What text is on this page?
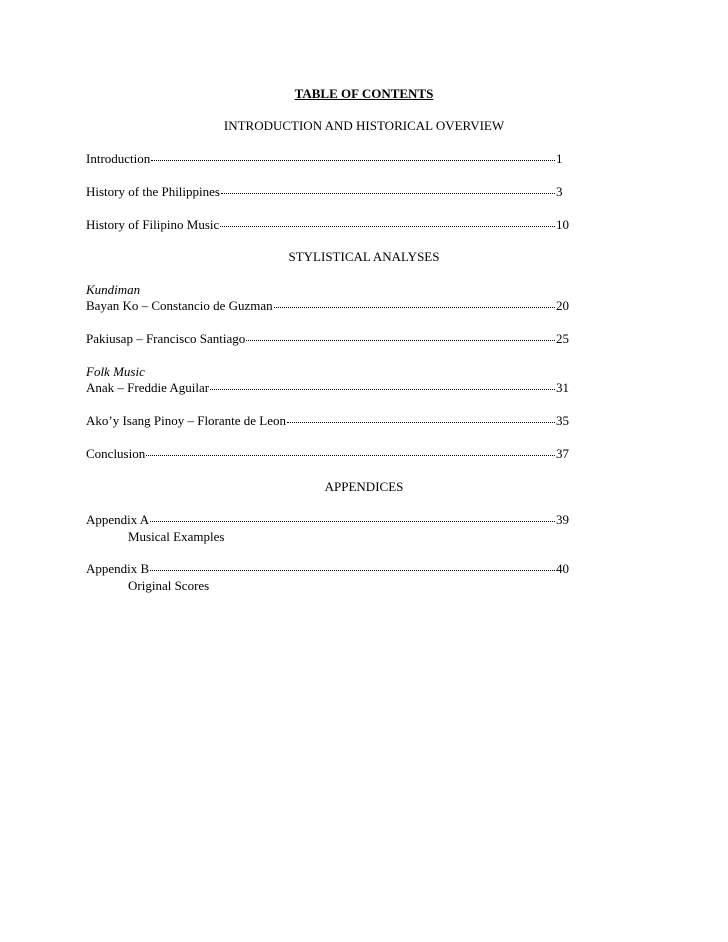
TABLE OF CONTENTS
INTRODUCTION AND HISTORICAL OVERVIEW
Introduction	1
History of the Philippines	3
History of Filipino Music	10
STYLISTICAL ANALYSES
Kundiman
Bayan Ko – Constancio de Guzman	20
Pakiusap – Francisco Santiago	25
Folk Music
Anak – Freddie Aguilar	31
Ako’y Isang Pinoy – Florante de Leon	35
Conclusion	37
APPENDICES
Appendix A	39
Musical Examples
Appendix B	40
Original Scores
